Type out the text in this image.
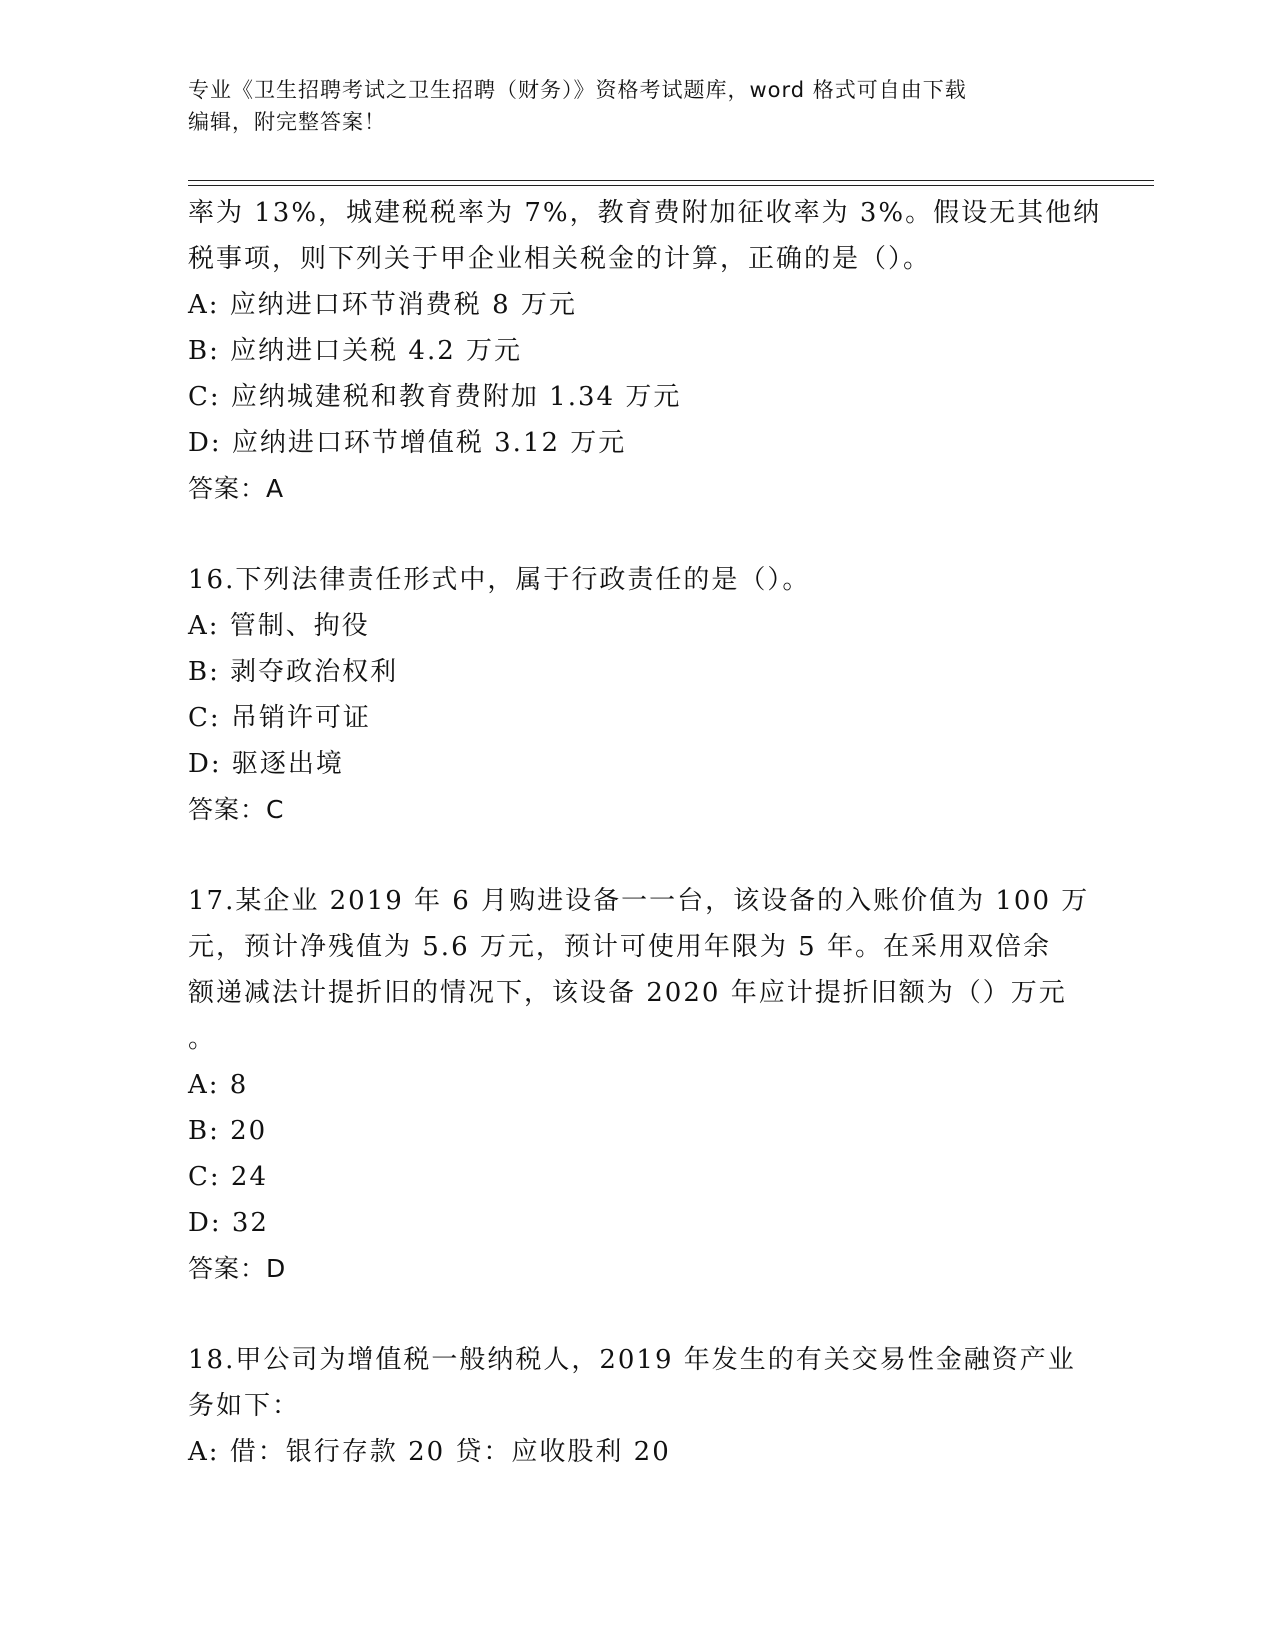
专业《卫生招聘考试之卫生招聘（财务）》资格考试题库，word 格式可自由下载
编辑，附完整答案！
率为 13%，城建税税率为 7%，教育费附加征收率为 3%。假设无其他纳
税事项，则下列关于甲企业相关税金的计算，正确的是（）。
A: 应纳进口环节消费税 8 万元
B: 应纳进口关税 4.2 万元
C: 应纳城建税和教育费附加 1.34 万元
D: 应纳进口环节增值税 3.12 万元
答案：A
16.下列法律责任形式中，属于行政责任的是（）。
A: 管制、拘役
B: 剥夺政治权利
C: 吊销许可证
D: 驱逐出境
答案：C
17.某企业 2019 年 6 月购进设备一一台，该设备的入账价值为 100 万
元，预计净残值为 5.6 万元，预计可使用年限为 5 年。在采用双倍余
额递减法计提折旧的情况下，该设备 2020 年应计提折旧额为（）万元
。
A: 8
B: 20
C: 24
D: 32
答案：D
18.甲公司为增值税一般纳税人，2019 年发生的有关交易性金融资产业
务如下：
A: 借：银行存款 20 贷：应收股利 20
